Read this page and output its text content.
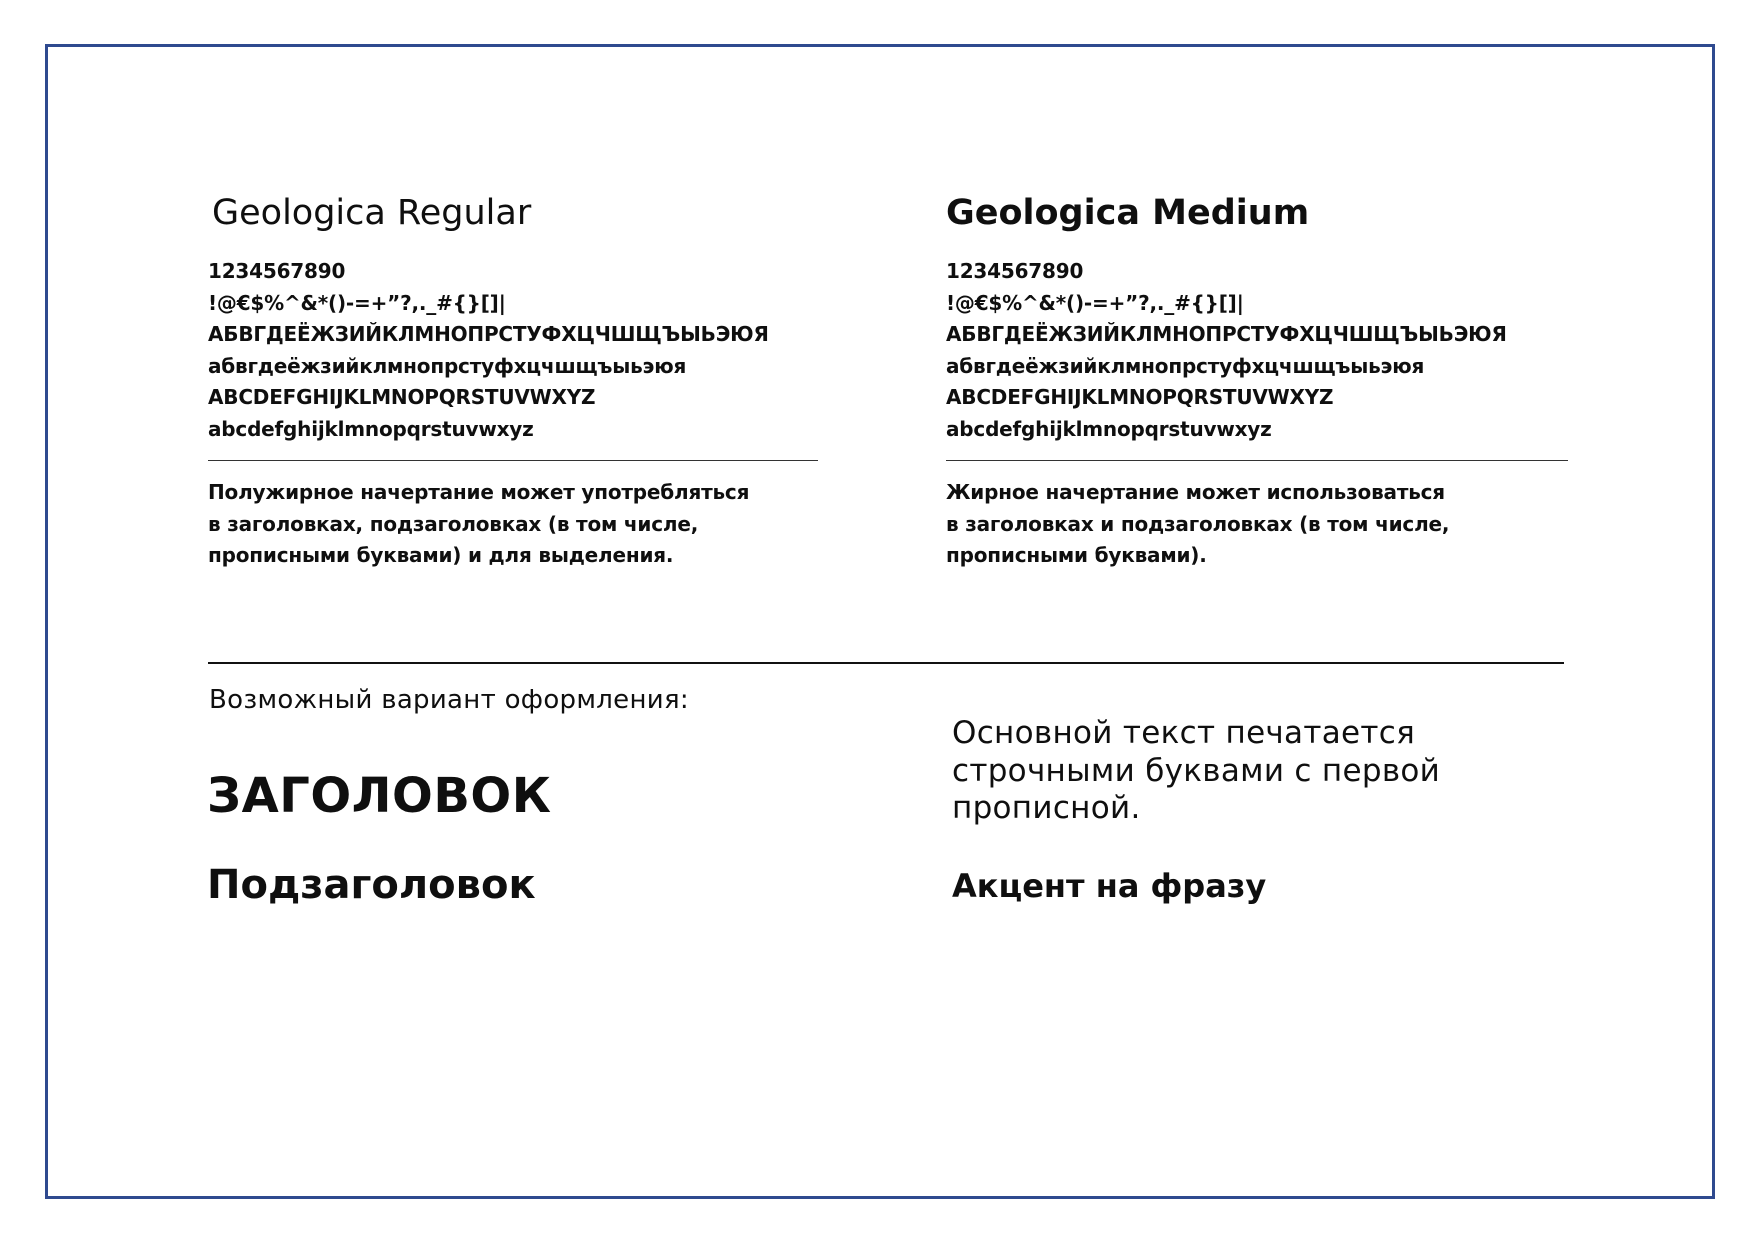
Geologica Regular
1234567890
!@€$%^&*()-=+”?,._#{}[]|
АБВГДЕЁЖЗИЙКЛМНОПРСТУФХЦЧШЩЪЫЬЭЮЯ
абвгдеёжзийклмнопрстуфхцчшщъыьэюя
ABCDEFGHIJKLMNOPQRSTUVWXYZ
abcdefghijklmnopqrstuvwxyz
Полужирное начертание может употребляться
в заголовках, подзаголовках (в том числе,
прописными буквами) и для выделения.
Geologica Medium
1234567890
!@€$%^&*()-=+”?,._#{}[]|
АБВГДЕЁЖЗИЙКЛМНОПРСТУФХЦЧШЩЪЫЬЭЮЯ
абвгдеёжзийклмнопрстуфхцчшщъыьэюя
ABCDEFGHIJKLMNOPQRSTUVWXYZ
abcdefghijklmnopqrstuvwxyz
Жирное начертание может использоваться
в заголовках и подзаголовках (в том числе,
прописными буквами).
Возможный вариант оформления:
ЗАГОЛОВОК
Подзаголовок
Основной текст печатается
строчными буквами с первой
прописной.
Акцент на фразу
